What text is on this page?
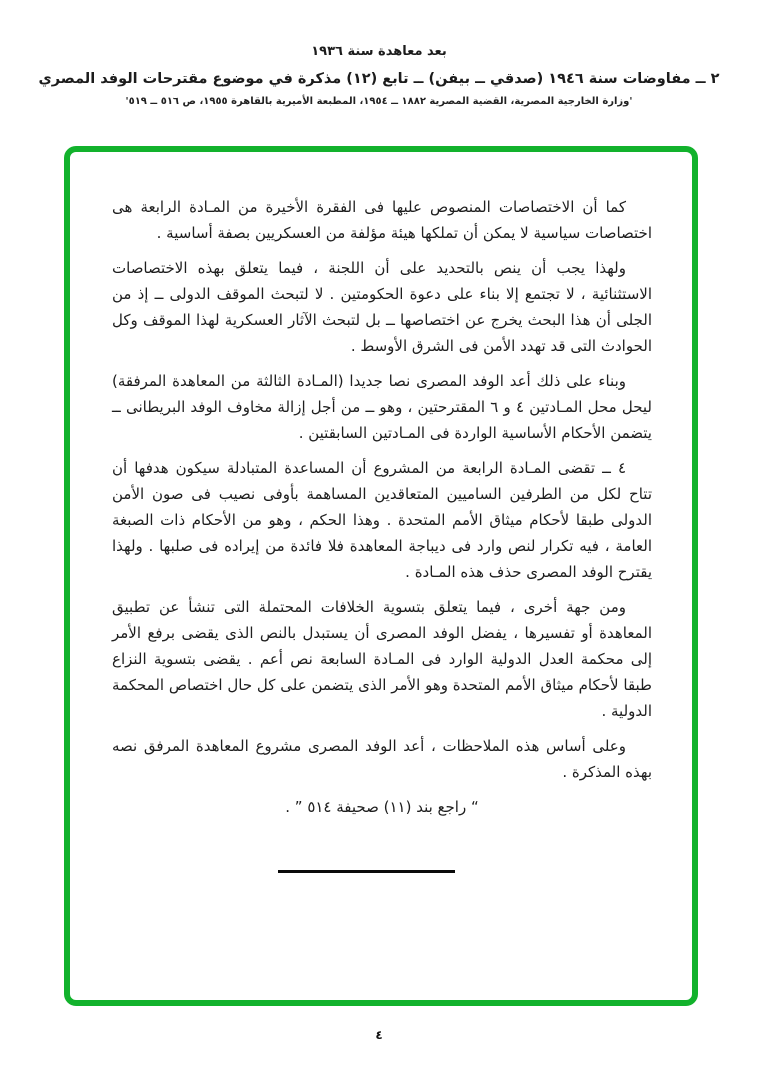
بعد معاهدة سنة ١٩٣٦
٢ ــ مفاوضات سنة ١٩٤٦ (صدقي ــ بيفن) ــ تابع (١٢) مذكرة في موضوع مقترحات الوفد المصري
'وزارة الخارجية المصرية، القضية المصرية ١٨٨٢ ــ ١٩٥٤، المطبعة الأميرية بالقاهرة ١٩٥٥، ص ٥١٦ ــ ٥١٩'

كما أن الاختصاصات المنصوص عليها فى الفقرة الأخيرة من المـادة الرابعة هى اختصاصات سياسية لا يمكن أن تملكها هيئة مؤلفة من العسكريين بصفة أساسية .

ولهذا يجب أن ينص بالتحديد على أن اللجنة ، فيما يتعلق بهذه الاختصاصات الاستثنائية ، لا تجتمع إلا بناء على دعوة الحكومتين . لا لتبحث الموقف الدولى ــ إذ من الجلى أن هذا البحث يخرج عن اختصاصها ــ بل لتبحث الآثار العسكرية لهذا الموقف وكل الحوادث التى قد تهدد الأمن فى الشرق الأوسط .

وبناء على ذلك أعد الوفد المصرى نصا جديدا (المـادة الثالثة من المعاهدة المرفقة) ليحل محل المـادتين ٤ و ٦ المقترحتين ، وهو ــ من أجل إزالة مخاوف الوفد البريطانى ــ يتضمن الأحكام الأساسية الواردة فى المـادتين السابقتين .

٤ ــ تقضى المـادة الرابعة من المشروع أن المساعدة المتبادلة سيكون هدفها أن تتاح لكل من الطرفين الساميين المتعاقدين المساهمة بأوفى نصيب فى صون الأمن الدولى طبقا لأحكام ميثاق الأمم المتحدة . وهذا الحكم ، وهو من الأحكام ذات الصبغة العامة ، فيه تكرار لنص وارد فى ديباجة المعاهدة فلا فائدة من إيراده فى صلبها . ولهذا يقترح الوفد المصرى حذف هذه المـادة .

ومن جهة أخرى ، فيما يتعلق بتسوية الخلافات المحتملة التى تنشأ عن تطبيق المعاهدة أو تفسيرها ، يفضل الوفد المصرى أن يستبدل بالنص الذى يقضى برفع الأمر إلى محكمة العدل الدولية الوارد فى المـادة السابعة نص أعم . يقضى بتسوية النزاع طبقا لأحكام ميثاق الأمم المتحدة وهو الأمر الذى يتضمن على كل حال اختصاص المحكمة الدولية .

وعلى أساس هذه الملاحظات ، أعد الوفد المصرى مشروع المعاهدة المرفق نصه بهذه المذكرة .

“ راجع بند (١١) صحيفة ٥١٤ ” .
٤
